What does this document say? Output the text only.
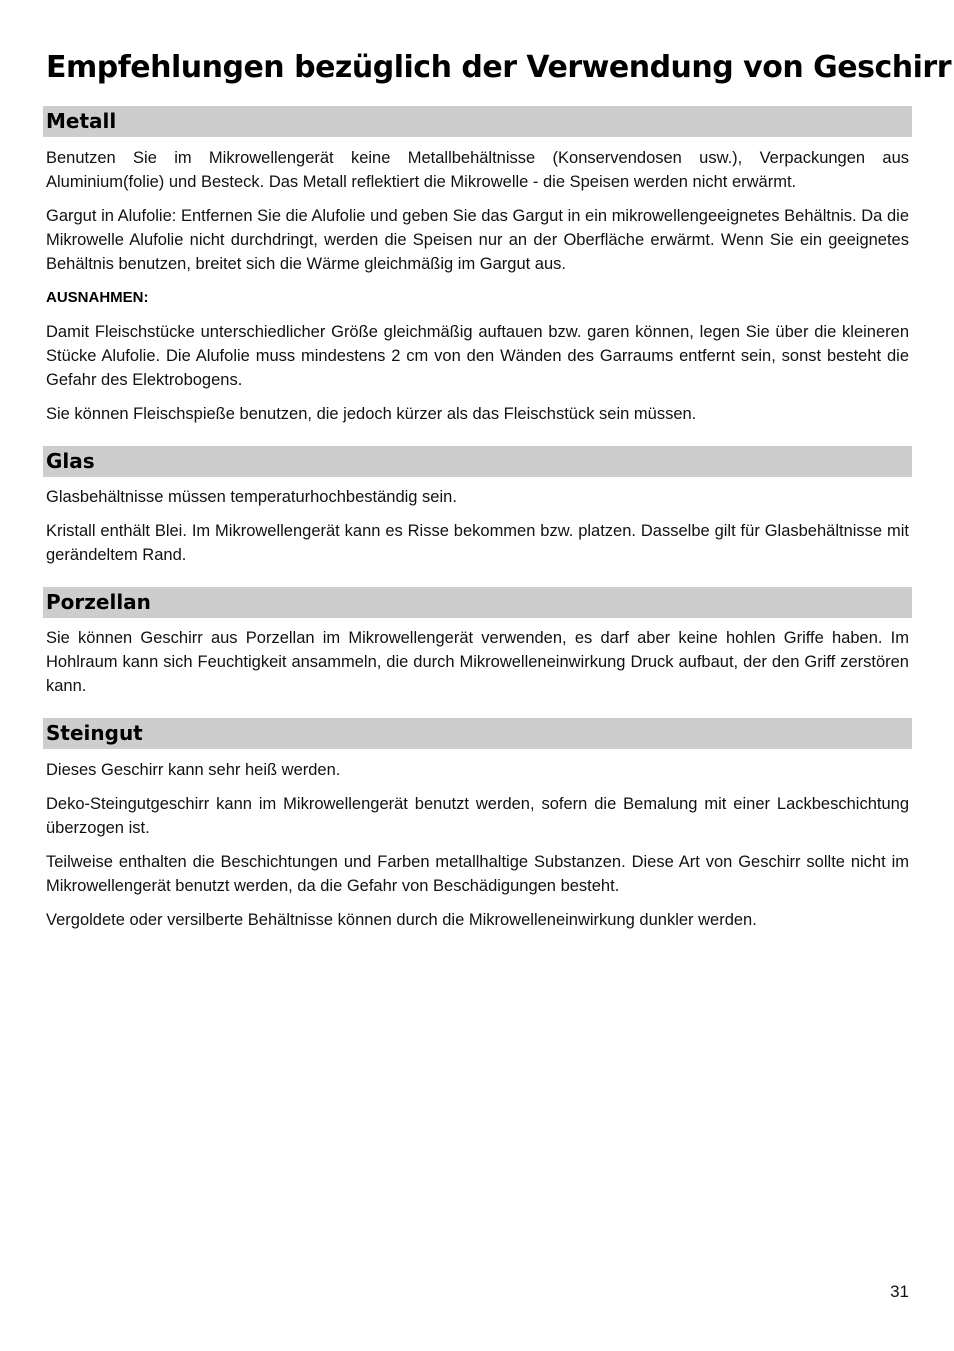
Empfehlungen bezüglich der Verwendung von Geschirr
Metall

Benutzen Sie im Mikrowellengerät keine Metallbehältnisse (Konservendosen usw.), Verpackungen aus Aluminium(folie) und Besteck. Das Metall reflektiert die Mikrowelle - die Speisen werden nicht erwärmt.

Gargut in Alufolie: Entfernen Sie die Alufolie und geben Sie das Gargut in ein mikrowellengeeignetes Behältnis. Da die Mikrowelle Alufolie nicht durchdringt, werden die Speisen nur an der Oberfläche erwärmt. Wenn Sie ein geeignetes Behältnis benutzen, breitet sich die Wärme gleichmäßig im Gargut aus.

AUSNAHMEN:

Damit Fleischstücke unterschiedlicher Größe gleichmäßig auftauen bzw. garen können, legen Sie über die kleineren Stücke Alufolie. Die Alufolie muss mindestens 2 cm von den Wänden des Garraums entfernt sein, sonst besteht die Gefahr des Elektrobogens.

Sie können Fleischspieße benutzen, die jedoch kürzer als das Fleischstück sein müssen.

Glas

Glasbehältnisse müssen temperaturhochbeständig sein.

Kristall enthält Blei. Im Mikrowellengerät kann es Risse bekommen bzw. platzen. Dasselbe gilt für Glasbehältnisse mit gerändeltem Rand.

Porzellan

Sie können Geschirr aus Porzellan im Mikrowellengerät verwenden, es darf aber keine hohlen Griffe haben. Im Hohlraum kann sich Feuchtigkeit ansammeln, die durch Mikrowelleneinwirkung Druck aufbaut, der den Griff zerstören kann.

Steingut

Dieses Geschirr kann sehr heiß werden.

Deko-Steingutgeschirr kann im Mikrowellengerät benutzt werden, sofern die Bemalung mit einer Lackbeschichtung überzogen ist.

Teilweise enthalten die Beschichtungen und Farben metallhaltige Substanzen. Diese Art von Geschirr sollte nicht im Mikrowellengerät benutzt werden, da die Gefahr von Beschädigungen besteht.

Vergoldete oder versilberte Behältnisse können durch die Mikrowelleneinwirkung dunkler werden.

31
